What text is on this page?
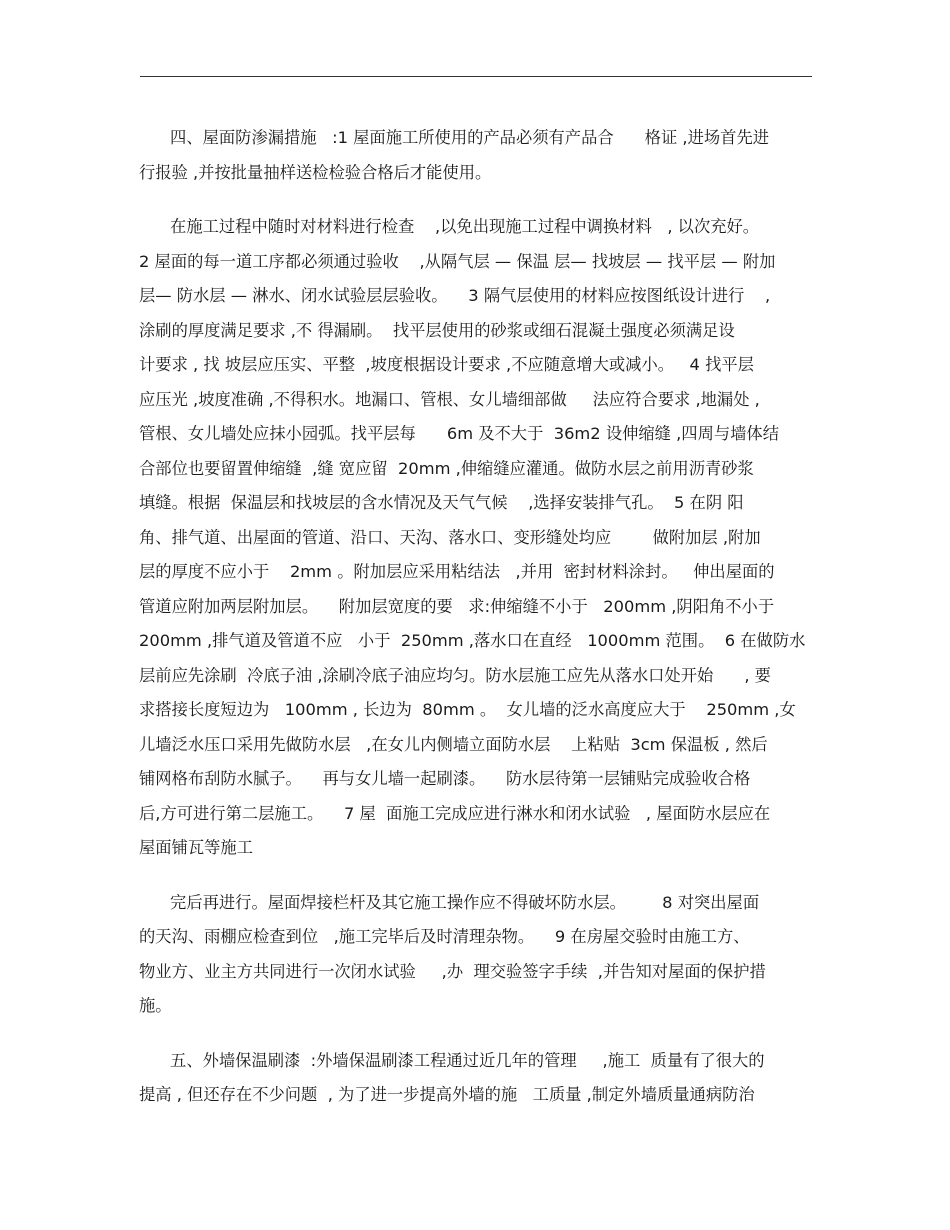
四、屋面防渗漏措施   :1 屋面施工所使用的产品必须有产品合      格证 ,进场首先进
行报验 ,并按批量抽样送检检验合格后才能使用。
在施工过程中随时对材料进行检查    ,以免出现施工过程中调换材料   , 以次充好。
2 屋面的每一道工序都必须通过验收    ,从隔气层 — 保温 层— 找坡层 — 找平层 — 附加
层— 防水层 — 淋水、闭水试验层层验收。    3 隔气层使用的材料应按图纸设计进行    ,
涂刷的厚度满足要求 ,不 得漏刷。  找平层使用的砂浆或细石混凝土强度必须满足设
计要求 , 找 坡层应压实、平整  ,坡度根据设计要求 ,不应随意增大或减小。   4 找平层
应压光 ,坡度准确 ,不得积水。地漏口、管根、女儿墙细部做     法应符合要求 ,地漏处 ,
管根、女儿墙处应抹小园弧。找平层每      6m 及不大于  36m2 设伸缩缝 ,四周与墙体结
合部位也要留置伸缩缝  ,缝 宽应留  20mm ,伸缩缝应灌通。做防水层之前用沥青砂浆
填缝。根据  保温层和找坡层的含水情况及天气气候    ,选择安装排气孔。  5 在阴 阳
角、排气道、出屋面的管道、沿口、天沟、落水口、变形缝处均应        做附加层 ,附加
层的厚度不应小于    2mm 。附加层应采用粘结法   ,并用  密封材料涂封。   伸出屋面的
管道应附加两层附加层。    附加层宽度的要   求:伸缩缝不小于   200mm ,阴阳角不小于
200mm ,排气道及管道不应   小于  250mm ,落水口在直经   1000mm 范围。  6 在做防水
层前应先涂刷  冷底子油 ,涂刷冷底子油应均匀。防水层施工应先从落水口处开始      , 要
求搭接长度短边为   100mm , 长边为  80mm 。  女儿墙的泛水高度应大于    250mm ,女
儿墙泛水压口采用先做防水层   ,在女儿内侧墙立面防水层    上粘贴  3cm 保温板 , 然后
铺网格布刮防水腻子。    再与女儿墙一起刷漆。    防水层待第一层铺贴完成验收合格
后,方可进行第二层施工。    7 屋  面施工完成应进行淋水和闭水试验   , 屋面防水层应在
屋面铺瓦等施工
完后再进行。屋面焊接栏杆及其它施工操作应不得破坏防水层。       8 对突出屋面
的天沟、雨棚应检查到位   ,施工完毕后及时清理杂物。    9 在房屋交验时由施工方、
物业方、业主方共同进行一次闭水试验     ,办  理交验签字手续  ,并告知对屋面的保护措
施。
五、外墙保温刷漆  :外墙保温刷漆工程通过近几年的管理     ,施工  质量有了很大的
提高 , 但还存在不少问题  , 为了进一步提高外墙的施   工质量 ,制定外墙质量通病防治
